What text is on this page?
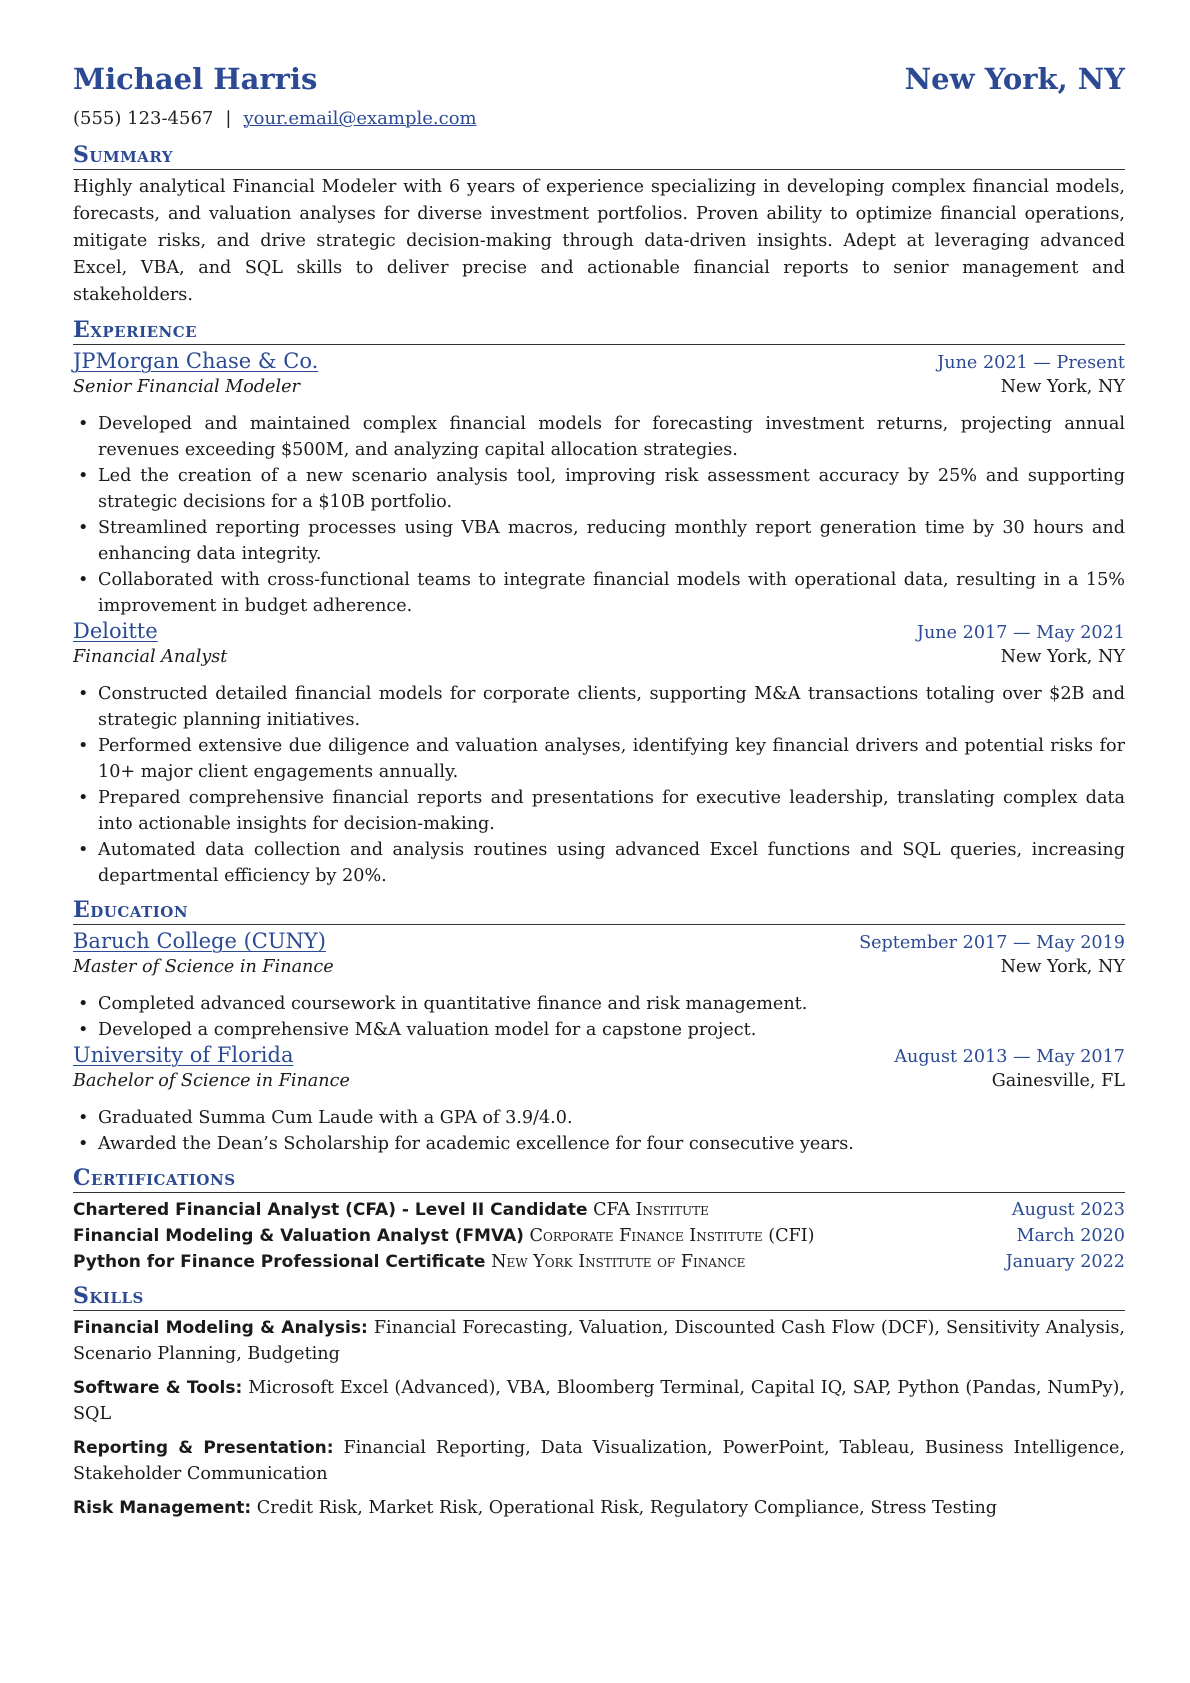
Michael Harris	New York, NY
(555) 123-4567 | your.email@example.com
Summary
Highly analytical Financial Modeler with 6 years of experience specializing in developing complex financial models, forecasts, and valuation analyses for diverse investment portfolios. Proven ability to optimize financial operations, mitigate risks, and drive strategic decision-making through data-driven insights. Adept at leveraging advanced Excel, VBA, and SQL skills to deliver precise and actionable financial reports to senior management and stakeholders.
Experience
JPMorgan Chase & Co.	June 2021 — Present
Senior Financial Modeler	New York, NY
• Developed and maintained complex financial models for forecasting investment returns, projecting annual revenues exceeding $500M, and analyzing capital allocation strategies.
• Led the creation of a new scenario analysis tool, improving risk assessment accuracy by 25% and supporting strategic decisions for a $10B portfolio.
• Streamlined reporting processes using VBA macros, reducing monthly report generation time by 30 hours and enhancing data integrity.
• Collaborated with cross-functional teams to integrate financial models with operational data, resulting in a 15% improvement in budget adherence.
Deloitte	June 2017 — May 2021
Financial Analyst	New York, NY
• Constructed detailed financial models for corporate clients, supporting M&A transactions totaling over $2B and strategic planning initiatives.
• Performed extensive due diligence and valuation analyses, identifying key financial drivers and potential risks for 10+ major client engagements annually.
• Prepared comprehensive financial reports and presentations for executive leadership, translating complex data into actionable insights for decision-making.
• Automated data collection and analysis routines using advanced Excel functions and SQL queries, increasing departmental efficiency by 20%.
Education
Baruch College (CUNY)	September 2017 — May 2019
Master of Science in Finance	New York, NY
• Completed advanced coursework in quantitative finance and risk management.
• Developed a comprehensive M&A valuation model for a capstone project.
University of Florida	August 2013 — May 2017
Bachelor of Science in Finance	Gainesville, FL
• Graduated Summa Cum Laude with a GPA of 3.9/4.0.
• Awarded the Dean’s Scholarship for academic excellence for four consecutive years.
Certifications
Chartered Financial Analyst (CFA) - Level II Candidate CFA Institute	August 2023
Financial Modeling & Valuation Analyst (FMVA) Corporate Finance Institute (CFI)	March 2020
Python for Finance Professional Certificate New York Institute of Finance	January 2022
Skills
Financial Modeling & Analysis: Financial Forecasting, Valuation, Discounted Cash Flow (DCF), Sensitivity Analysis, Scenario Planning, Budgeting
Software & Tools: Microsoft Excel (Advanced), VBA, Bloomberg Terminal, Capital IQ, SAP, Python (Pandas, NumPy), SQL
Reporting & Presentation: Financial Reporting, Data Visualization, PowerPoint, Tableau, Business Intelligence, Stakeholder Communication
Risk Management: Credit Risk, Market Risk, Operational Risk, Regulatory Compliance, Stress Testing
